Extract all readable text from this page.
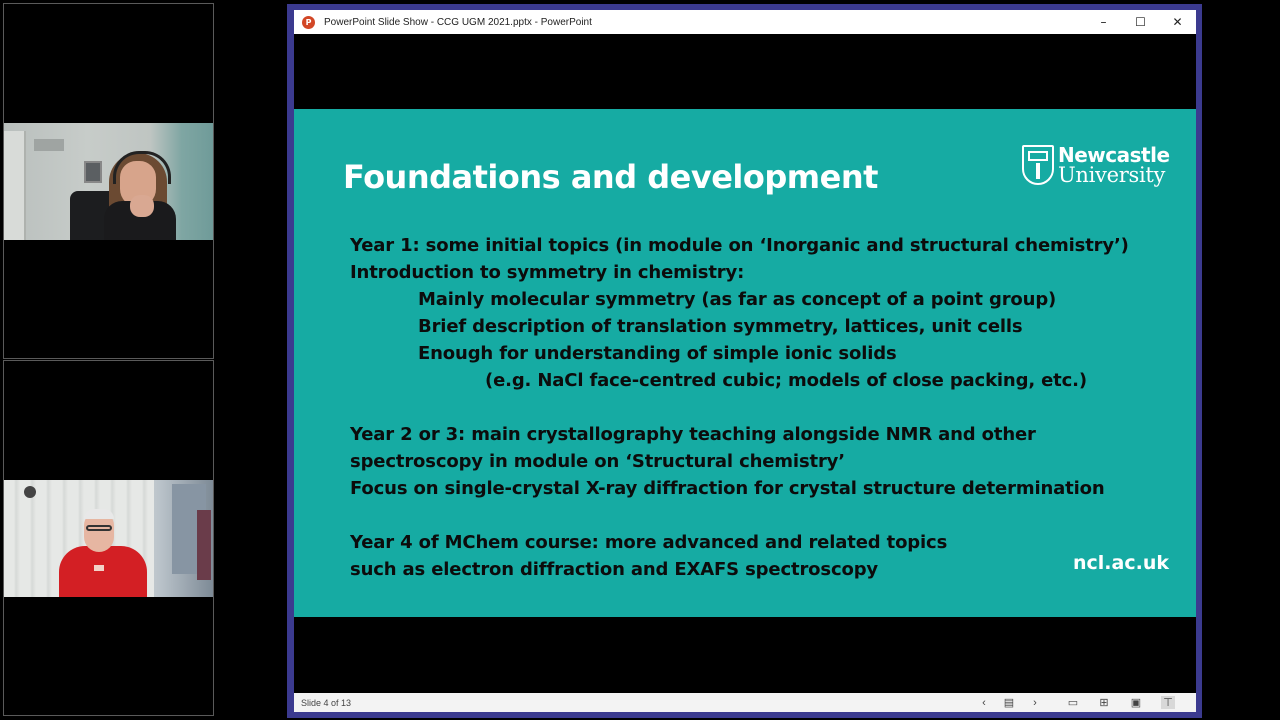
P	PowerPoint Slide Show - CCG UGM 2021.pptx - PowerPoint	–	☐	✕
Foundations and development
Newcastle
University
Year 1: some initial topics (in module on ‘Inorganic and structural chemistry’)
Introduction to symmetry in chemistry:
Mainly molecular symmetry (as far as concept of a point group)
Brief description of translation symmetry, lattices, unit cells
Enough for understanding of simple ionic solids
(e.g. NaCl face-centred cubic; models of close packing, etc.)
Year 2 or 3: main crystallography teaching alongside NMR and other
spectroscopy in module on ‘Structural chemistry’
Focus on single-crystal X-ray diffraction for crystal structure determination
Year 4 of MChem course: more advanced and related topics
such as electron diffraction and EXAFS spectroscopy	ncl.ac.uk
Slide 4 of 13	‹	▤	›	▭ ⊞ ▣ ⊤
